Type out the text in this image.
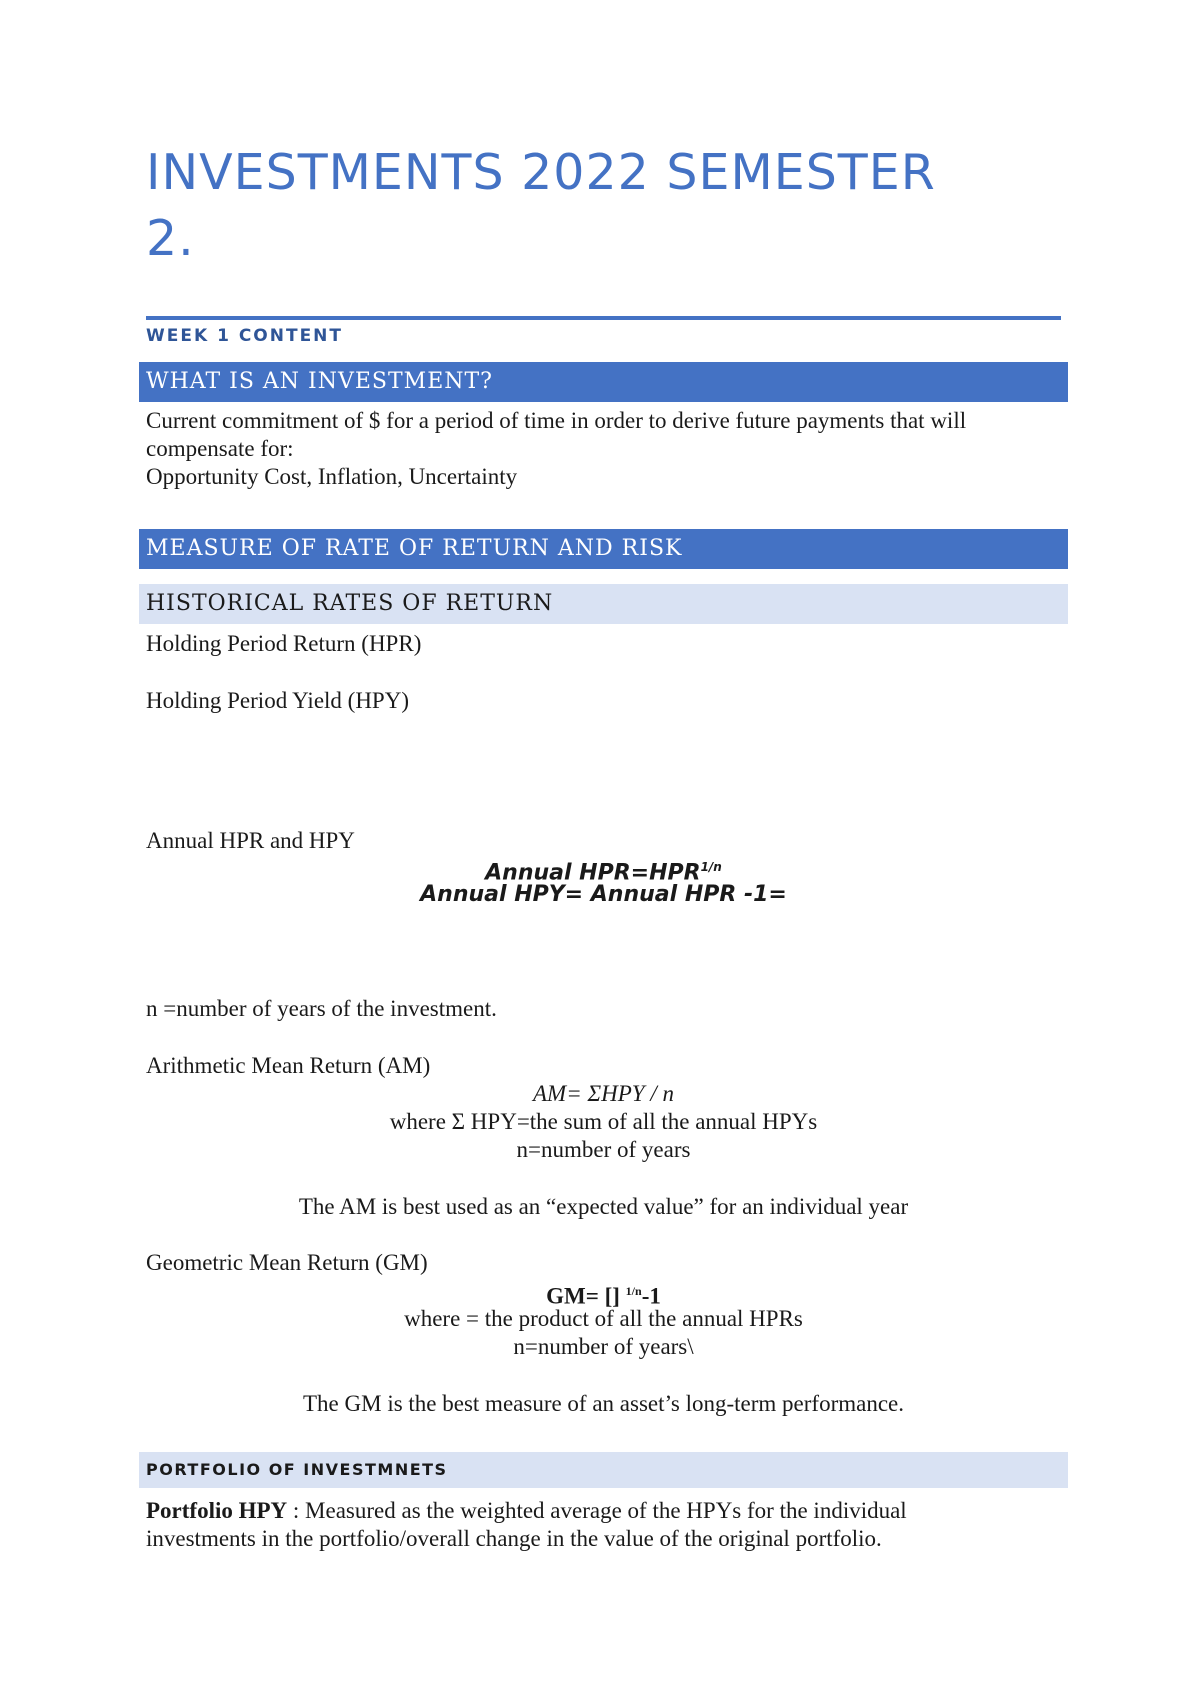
INVESTMENTS 2022 SEMESTER
2.
WEEK 1 CONTENT
WHAT IS AN INVESTMENT?
Current commitment of $ for a period of time in order to derive future payments that will
compensate for:
Opportunity Cost, Inflation, Uncertainty
MEASURE OF RATE OF RETURN AND RISK
HISTORICAL RATES OF RETURN
Holding Period Return (HPR)
Holding Period Yield (HPY)
Annual HPR and HPY
Annual $HPR=HPR^{1/n}$
Annual HPY= Annual HPR -1=
n =number of years of the investment.
Arithmetic Mean Return (AM)
AM= ΣHPY / n
where Σ HPY=the sum of all the annual HPYs
n=number of years
The AM is best used as an “expected value” for an individual year
Geometric Mean Return (GM)
GM= [] $^{1/n}$-1
where = the product of all the annual HPRs
n=number of years\
The GM is the best measure of an asset’s long-term performance.
PORTFOLIO OF INVESTMNETS
Portfolio HPY : Measured as the weighted average of the HPYs for the individual
investments in the portfolio/overall change in the value of the original portfolio.
